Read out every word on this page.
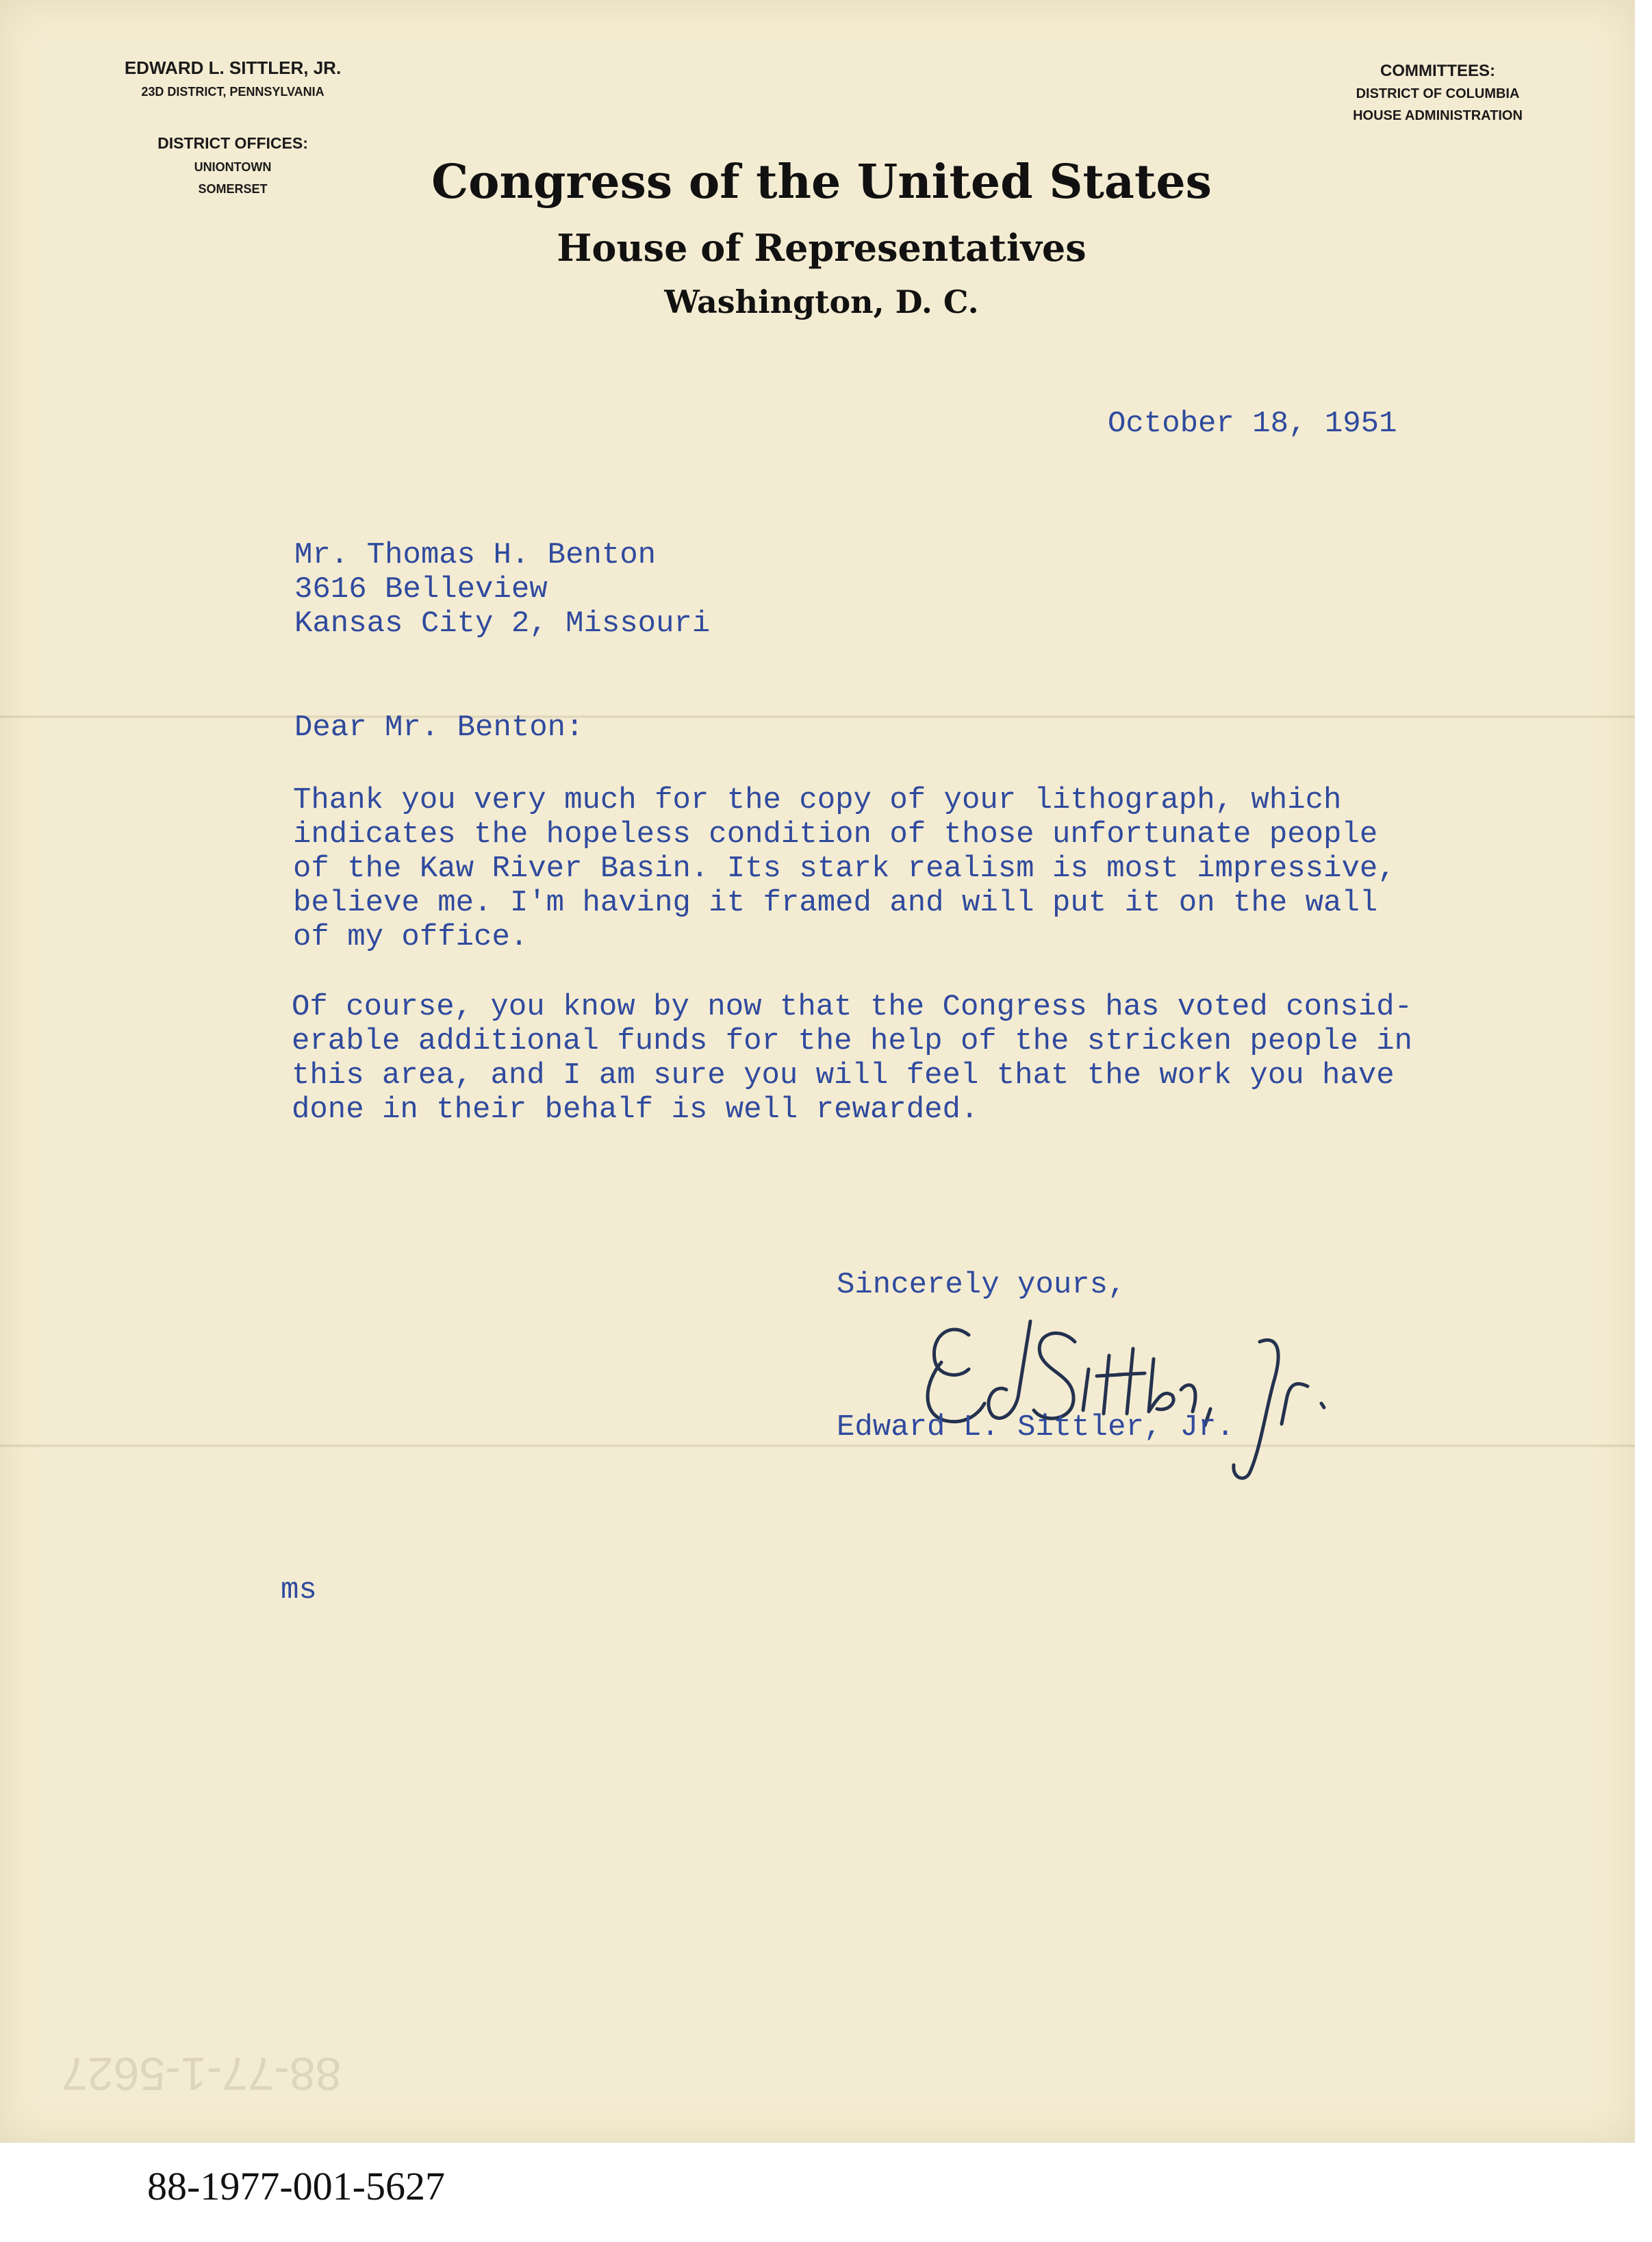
EDWARD L. SITTLER, JR.
23D DISTRICT, PENNSYLVANIA
DISTRICT OFFICES:
UNIONTOWN
SOMERSET
COMMITTEES:
DISTRICT OF COLUMBIA
HOUSE ADMINISTRATION
Congress of the United States
House of Representatives
Washington, D. C.
October 18, 1951
Mr. Thomas H. Benton
3616 Belleview
Kansas City 2, Missouri
Dear Mr. Benton:
Thank you very much for the copy of your lithograph, which
indicates the hopeless condition of those unfortunate people
of the Kaw River Basin. Its stark realism is most impressive,
believe me. I'm having it framed and will put it on the wall
of my office.
Of course, you know by now that the Congress has voted consid-
erable additional funds for the help of the stricken people in
this area, and I am sure you will feel that the work you have
done in their behalf is well rewarded.
Sincerely yours,
Edward L. Sittler, Jr.
ms
88-77-1-5627
88-1977-001-5627
